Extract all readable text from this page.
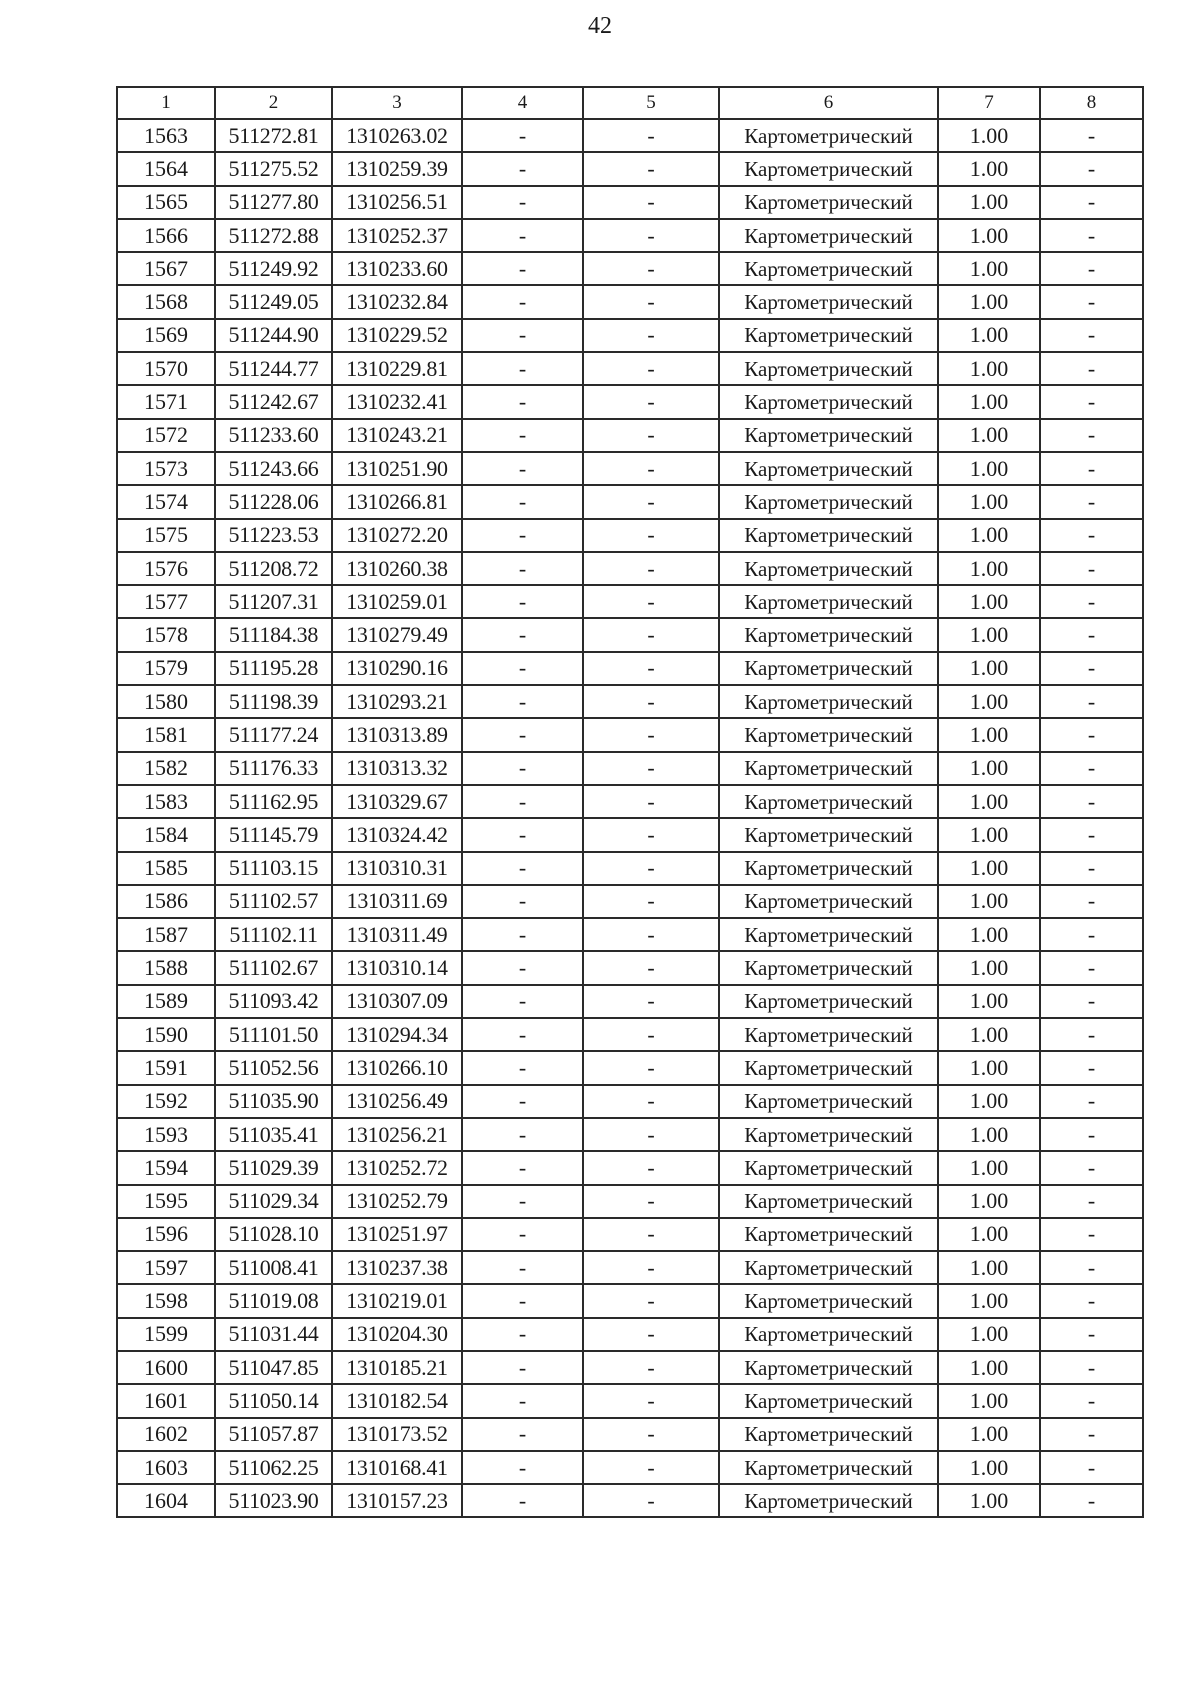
42
1	2	3	4	5	6	7	8
1563	511272.81	1310263.02	-	-	Картометрический	1.00	-
1564	511275.52	1310259.39	-	-	Картометрический	1.00	-
1565	511277.80	1310256.51	-	-	Картометрический	1.00	-
1566	511272.88	1310252.37	-	-	Картометрический	1.00	-
1567	511249.92	1310233.60	-	-	Картометрический	1.00	-
1568	511249.05	1310232.84	-	-	Картометрический	1.00	-
1569	511244.90	1310229.52	-	-	Картометрический	1.00	-
1570	511244.77	1310229.81	-	-	Картометрический	1.00	-
1571	511242.67	1310232.41	-	-	Картометрический	1.00	-
1572	511233.60	1310243.21	-	-	Картометрический	1.00	-
1573	511243.66	1310251.90	-	-	Картометрический	1.00	-
1574	511228.06	1310266.81	-	-	Картометрический	1.00	-
1575	511223.53	1310272.20	-	-	Картометрический	1.00	-
1576	511208.72	1310260.38	-	-	Картометрический	1.00	-
1577	511207.31	1310259.01	-	-	Картометрический	1.00	-
1578	511184.38	1310279.49	-	-	Картометрический	1.00	-
1579	511195.28	1310290.16	-	-	Картометрический	1.00	-
1580	511198.39	1310293.21	-	-	Картометрический	1.00	-
1581	511177.24	1310313.89	-	-	Картометрический	1.00	-
1582	511176.33	1310313.32	-	-	Картометрический	1.00	-
1583	511162.95	1310329.67	-	-	Картометрический	1.00	-
1584	511145.79	1310324.42	-	-	Картометрический	1.00	-
1585	511103.15	1310310.31	-	-	Картометрический	1.00	-
1586	511102.57	1310311.69	-	-	Картометрический	1.00	-
1587	511102.11	1310311.49	-	-	Картометрический	1.00	-
1588	511102.67	1310310.14	-	-	Картометрический	1.00	-
1589	511093.42	1310307.09	-	-	Картометрический	1.00	-
1590	511101.50	1310294.34	-	-	Картометрический	1.00	-
1591	511052.56	1310266.10	-	-	Картометрический	1.00	-
1592	511035.90	1310256.49	-	-	Картометрический	1.00	-
1593	511035.41	1310256.21	-	-	Картометрический	1.00	-
1594	511029.39	1310252.72	-	-	Картометрический	1.00	-
1595	511029.34	1310252.79	-	-	Картометрический	1.00	-
1596	511028.10	1310251.97	-	-	Картометрический	1.00	-
1597	511008.41	1310237.38	-	-	Картометрический	1.00	-
1598	511019.08	1310219.01	-	-	Картометрический	1.00	-
1599	511031.44	1310204.30	-	-	Картометрический	1.00	-
1600	511047.85	1310185.21	-	-	Картометрический	1.00	-
1601	511050.14	1310182.54	-	-	Картометрический	1.00	-
1602	511057.87	1310173.52	-	-	Картометрический	1.00	-
1603	511062.25	1310168.41	-	-	Картометрический	1.00	-
1604	511023.90	1310157.23	-	-	Картометрический	1.00	-
